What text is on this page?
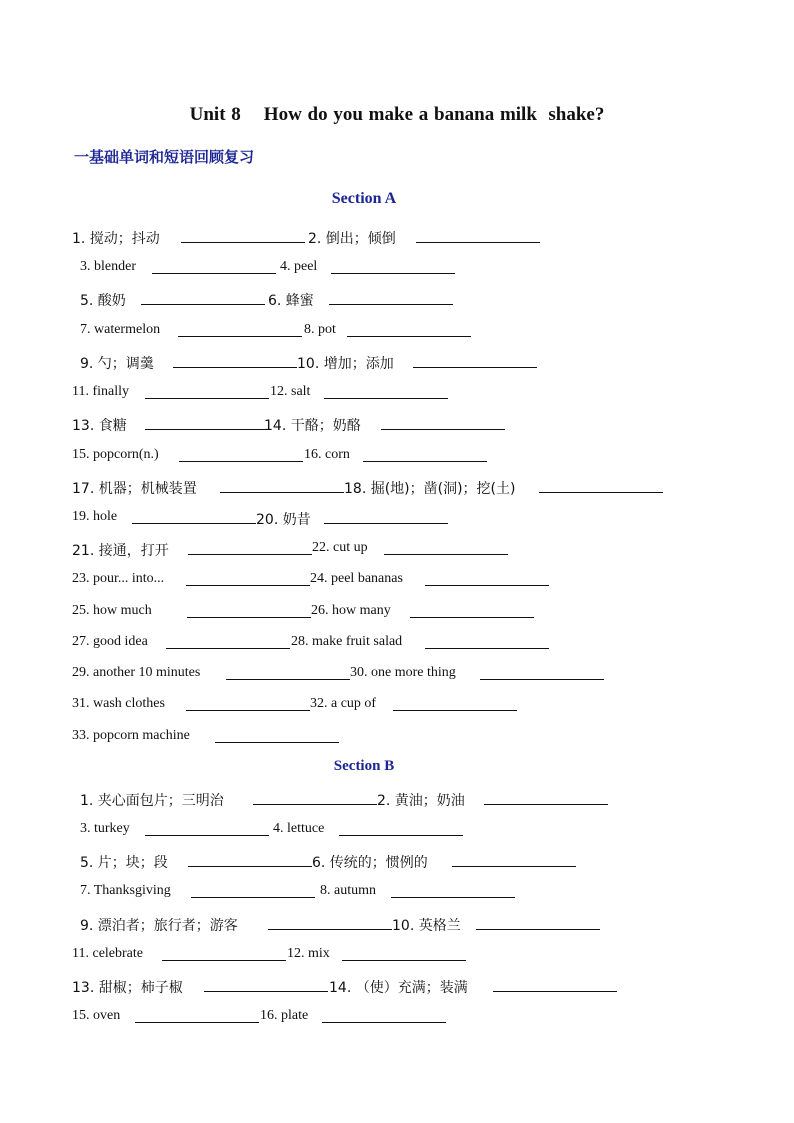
Unit 8    How do you make a banana milk  shake?
一基础单词和短语回顾复习
Section A
1. 搅动；抖动	2. 倒出；倾倒
3. blender	4. peel
5. 酸奶	6. 蜂蜜
7. watermelon	8. pot
9. 勺；调羹	10. 增加；添加
11. finally	12. salt
13. 食糖	14. 干酪；奶酪
15. popcorn(n.)	16. corn
17. 机器；机械装置	18. 掘(地)；凿(洞)；挖(土)
19. hole	20. 奶昔
21. 接通，打开	22. cut up
23. pour... into...	24. peel bananas
25. how much	26. how many
27. good idea	28. make fruit salad
29. another 10 minutes	30. one more thing
31. wash clothes	32. a cup of
33. popcorn machine
Section B
1. 夹心面包片；三明治	2. 黄油；奶油
3. turkey	4. lettuce
5. 片；块；段	6. 传统的；惯例的
7. Thanksgiving	8. autumn
9. 漂泊者；旅行者；游客	10. 英格兰
11. celebrate	12. mix
13. 甜椒；柿子椒	14. （使）充满；装满
15. oven	16. plate
